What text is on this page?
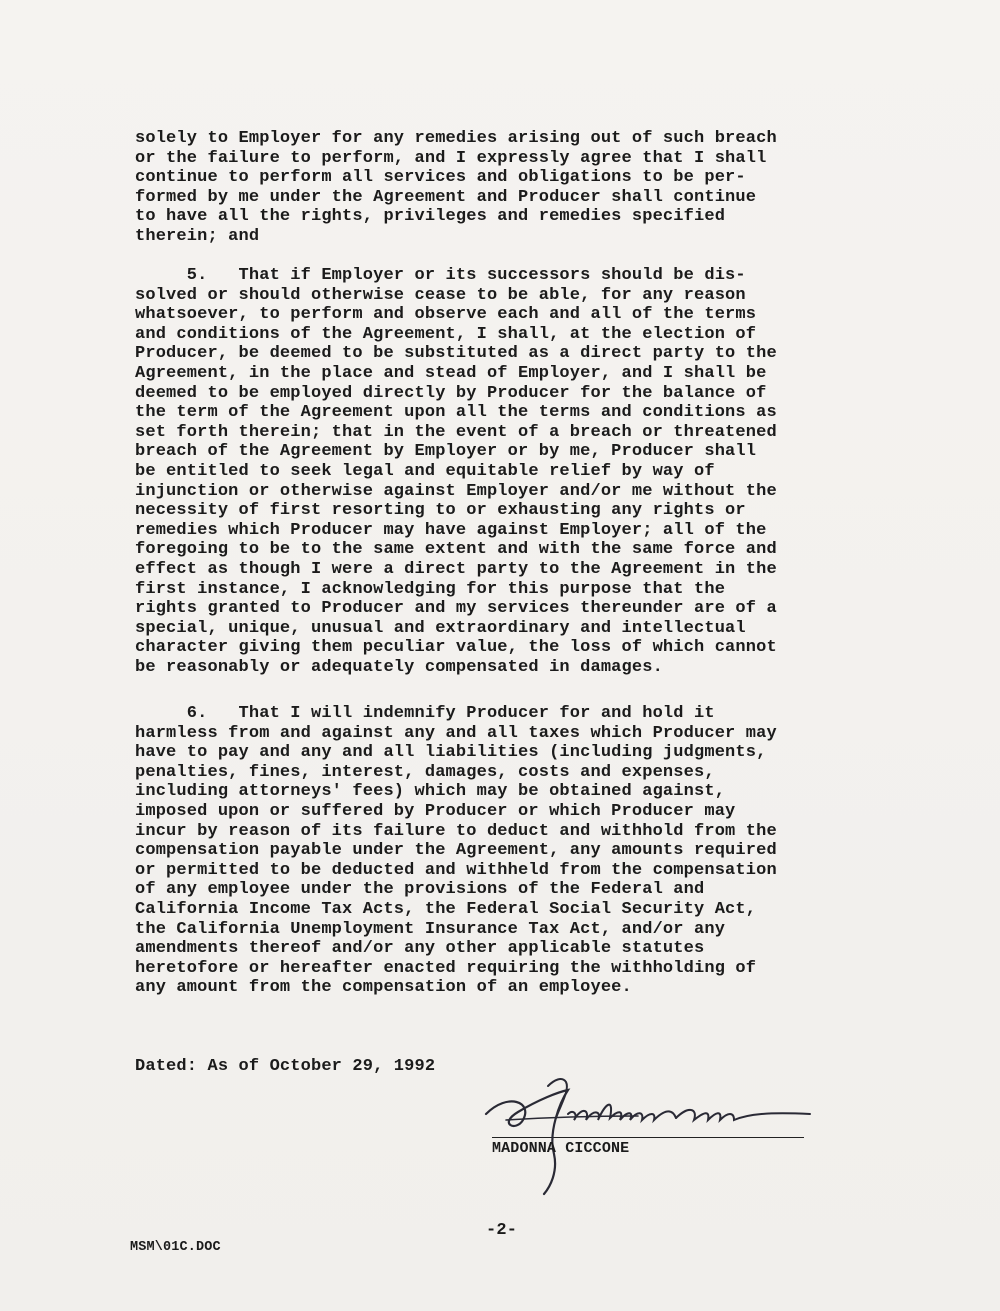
solely to Employer for any remedies arising out of such breach
or the failure to perform, and I expressly agree that I shall
continue to perform all services and obligations to be per-
formed by me under the Agreement and Producer shall continue
to have all the rights, privileges and remedies specified
therein; and
5.   That if Employer or its successors should be dis-
solved or should otherwise cease to be able, for any reason
whatsoever, to perform and observe each and all of the terms
and conditions of the Agreement, I shall, at the election of
Producer, be deemed to be substituted as a direct party to the
Agreement, in the place and stead of Employer, and I shall be
deemed to be employed directly by Producer for the balance of
the term of the Agreement upon all the terms and conditions as
set forth therein; that in the event of a breach or threatened
breach of the Agreement by Employer or by me, Producer shall
be entitled to seek legal and equitable relief by way of
injunction or otherwise against Employer and/or me without the
necessity of first resorting to or exhausting any rights or
remedies which Producer may have against Employer; all of the
foregoing to be to the same extent and with the same force and
effect as though I were a direct party to the Agreement in the
first instance, I acknowledging for this purpose that the
rights granted to Producer and my services thereunder are of a
special, unique, unusual and extraordinary and intellectual
character giving them peculiar value, the loss of which cannot
be reasonably or adequately compensated in damages.
6.   That I will indemnify Producer for and hold it
harmless from and against any and all taxes which Producer may
have to pay and any and all liabilities (including judgments,
penalties, fines, interest, damages, costs and expenses,
including attorneys' fees) which may be obtained against,
imposed upon or suffered by Producer or which Producer may
incur by reason of its failure to deduct and withhold from the
compensation payable under the Agreement, any amounts required
or permitted to be deducted and withheld from the compensation
of any employee under the provisions of the Federal and
California Income Tax Acts, the Federal Social Security Act,
the California Unemployment Insurance Tax Act, and/or any
amendments thereof and/or any other applicable statutes
heretofore or hereafter enacted requiring the withholding of
any amount from the compensation of an employee.
Dated: As of October 29, 1992
MADONNA CICCONE
-2-
MSM\01C.DOC
